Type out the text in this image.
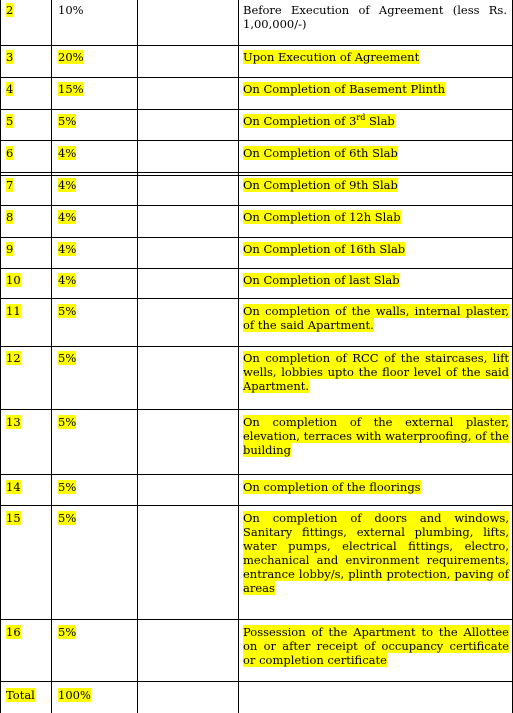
2	10%	Before Execution of Agreement (less Rs. 1,00,000/-)
3	20%	Upon Execution of Agreement
4	15%	On Completion of Basement Plinth
5	5%	On Completion of 3rd Slab
6	4%	On Completion of 6th Slab
7	4%	On Completion of 9th Slab
8	4%	On Completion of 12h Slab
9	4%	On Completion of 16th Slab
10	4%	On Completion of last Slab
11	5%	On completion of the walls, internal plaster, of the said Apartment.
12	5%	On completion of RCC of the staircases, lift wells, lobbies upto the floor level of the said Apartment.
13	5%	On completion of the external plaster, elevation, terraces with waterproofing, of the building
14	5%	On completion of the floorings
15	5%	On completion of doors and windows, Sanitary fittings, external plumbing, lifts, water pumps, electrical fittings, electro, mechanical and environment requirements, entrance lobby/s, plinth protection, paving of areas
16	5%	Possession of the Apartment to the Allottee on or after receipt of occupancy certificate or completion certificate
Total 100%
